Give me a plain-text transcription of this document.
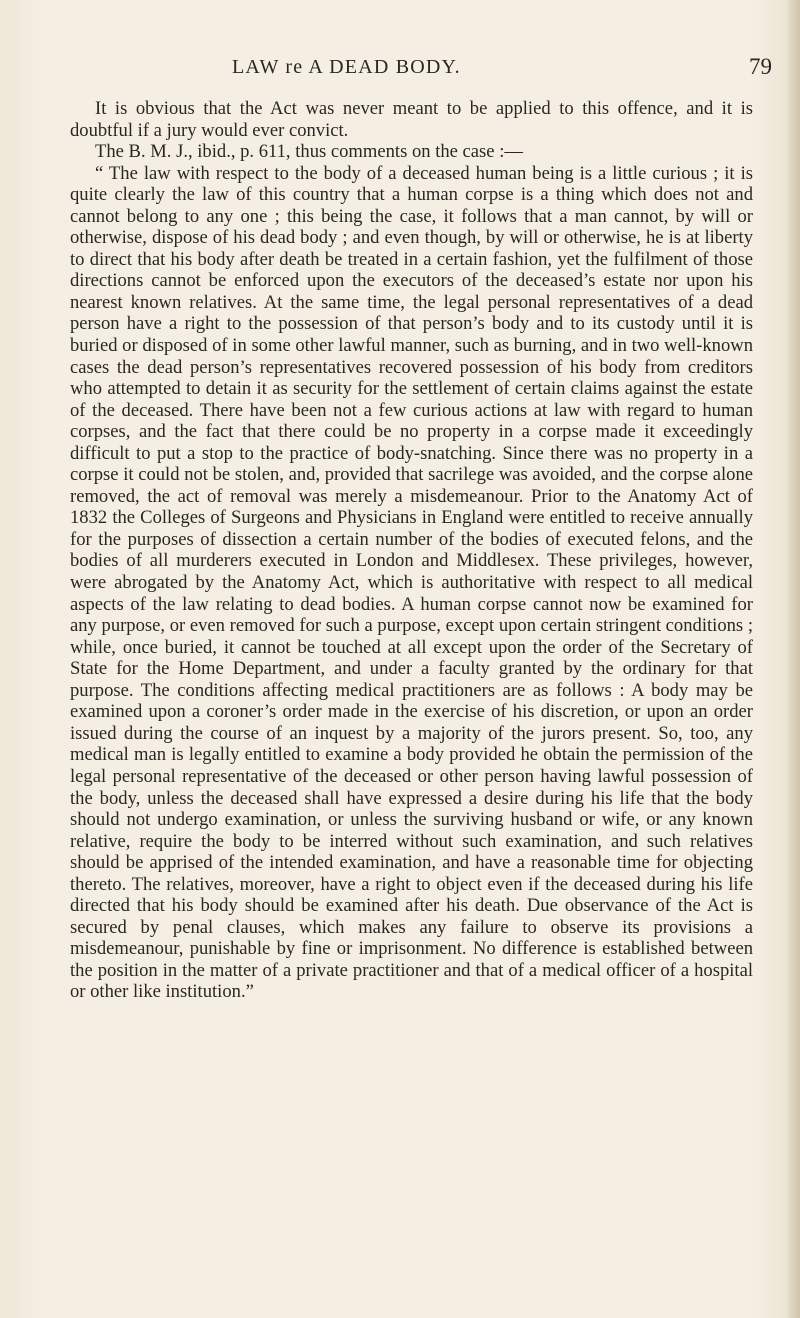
LAW re A DEAD BODY.	79

It is obvious that the Act was never meant to be applied to this offence, and it is doubtful if a jury would ever convict.

The B. M. J., ibid., p. 611, thus comments on the case :—

“ The law with respect to the body of a deceased human being is a little curious ; it is quite clearly the law of this country that a human corpse is a thing which does not and cannot belong to any one ; this being the case, it follows that a man cannot, by will or otherwise, dispose of his dead body ; and even though, by will or otherwise, he is at liberty to direct that his body after death be treated in a certain fashion, yet the fulfilment of those directions cannot be enforced upon the executors of the deceased’s estate nor upon his nearest known relatives. At the same time, the legal personal representatives of a dead person have a right to the possession of that person’s body and to its custody until it is buried or disposed of in some other lawful manner, such as burning, and in two well-known cases the dead person’s representatives recovered possession of his body from creditors who attempted to detain it as security for the settlement of certain claims against the estate of the deceased. There have been not a few curious actions at law with regard to human corpses, and the fact that there could be no property in a corpse made it exceedingly difficult to put a stop to the practice of body-snatching. Since there was no property in a corpse it could not be stolen, and, provided that sacrilege was avoided, and the corpse alone removed, the act of removal was merely a misdemeanour. Prior to the Anatomy Act of 1832 the Colleges of Surgeons and Physicians in England were entitled to receive annually for the purposes of dissection a certain number of the bodies of executed felons, and the bodies of all murderers executed in London and Middlesex. These privileges, however, were abrogated by the Anatomy Act, which is authoritative with respect to all medical aspects of the law relating to dead bodies. A human corpse cannot now be examined for any purpose, or even removed for such a purpose, except upon certain stringent conditions ; while, once buried, it cannot be touched at all except upon the order of the Secretary of State for the Home Department, and under a faculty granted by the ordinary for that purpose. The conditions affecting medical practitioners are as follows : A body may be examined upon a coroner’s order made in the exercise of his discretion, or upon an order issued during the course of an inquest by a majority of the jurors present. So, too, any medical man is legally entitled to examine a body provided he obtain the permission of the legal personal representative of the deceased or other person having lawful possession of the body, unless the deceased shall have expressed a desire during his life that the body should not undergo examination, or unless the surviving husband or wife, or any known relative, require the body to be interred without such examination, and such relatives should be apprised of the intended examination, and have a reasonable time for objecting thereto. The relatives, moreover, have a right to object even if the deceased during his life directed that his body should be examined after his death. Due observance of the Act is secured by penal clauses, which makes any failure to observe its provisions a misdemeanour, punishable by fine or imprisonment. No difference is established between the position in the matter of a private practitioner and that of a medical officer of a hospital or other like institution.”
